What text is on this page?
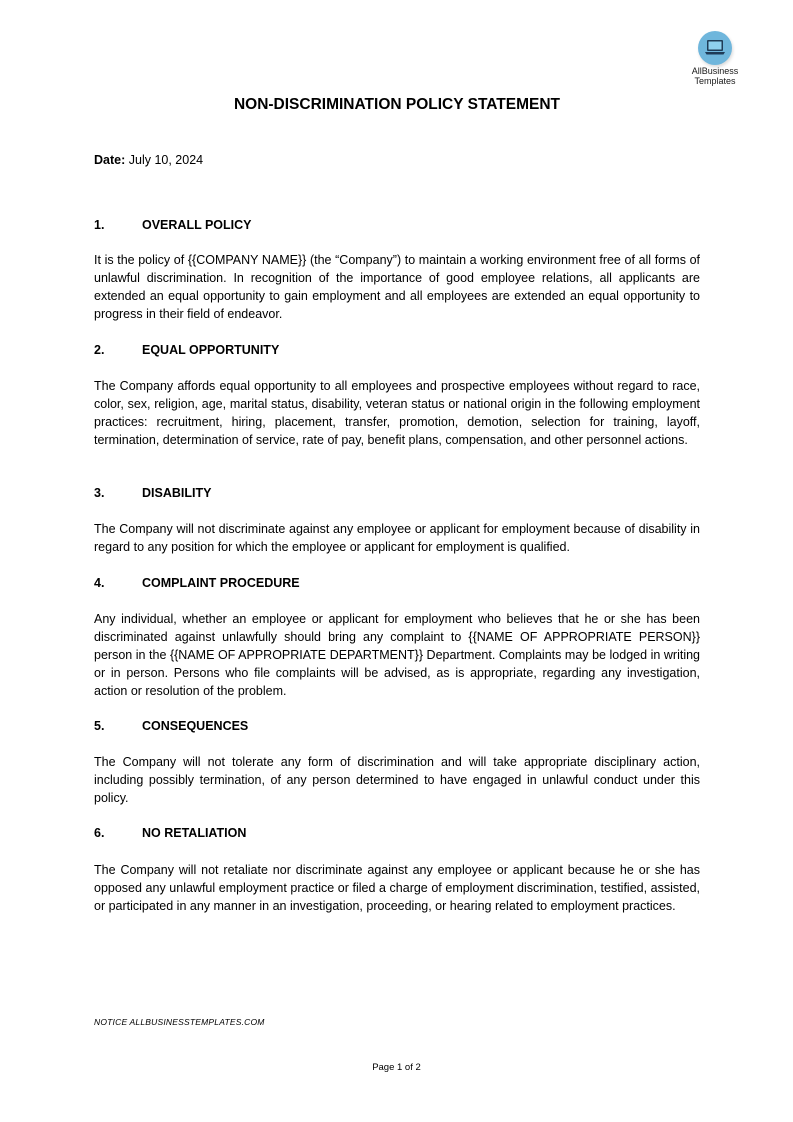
AllBusiness
Templates
NON-DISCRIMINATION POLICY STATEMENT

Date: July 10, 2024

1.	OVERALL POLICY

It is the policy of {{COMPANY NAME}} (the “Company”) to maintain a working environment free of all forms of unlawful discrimination. In recognition of the importance of good employee relations, all applicants are extended an equal opportunity to gain employment and all employees are extended an equal opportunity to progress in their field of endeavor.

2.	EQUAL OPPORTUNITY

The Company affords equal opportunity to all employees and prospective employees without regard to race, color, sex, religion, age, marital status, disability, veteran status or national origin in the following employment practices: recruitment, hiring, placement, transfer, promotion, demotion, selection for training, layoff, termination, determination of service, rate of pay, benefit plans, compensation, and other personnel actions.

3.	DISABILITY

The Company will not discriminate against any employee or applicant for employment because of disability in regard to any position for which the employee or applicant for employment is qualified.

4.	COMPLAINT PROCEDURE

Any individual, whether an employee or applicant for employment who believes that he or she has been discriminated against unlawfully should bring any complaint to {{NAME OF APPROPRIATE PERSON}} person in the {{NAME OF APPROPRIATE DEPARTMENT}} Department. Complaints may be lodged in writing or in person. Persons who file complaints will be advised, as is appropriate, regarding any investigation, action or resolution of the problem.

5.	CONSEQUENCES

The Company will not tolerate any form of discrimination and will take appropriate disciplinary action, including possibly termination, of any person determined to have engaged in unlawful conduct under this policy.

6.	NO RETALIATION

The Company will not retaliate nor discriminate against any employee or applicant because he or she has opposed any unlawful employment practice or filed a charge of employment discrimination, testified, assisted, or participated in any manner in an investigation, proceeding, or hearing related to employment practices.

NOTICE ALLBUSINESSTEMPLATES.COM

Page 1 of 2
